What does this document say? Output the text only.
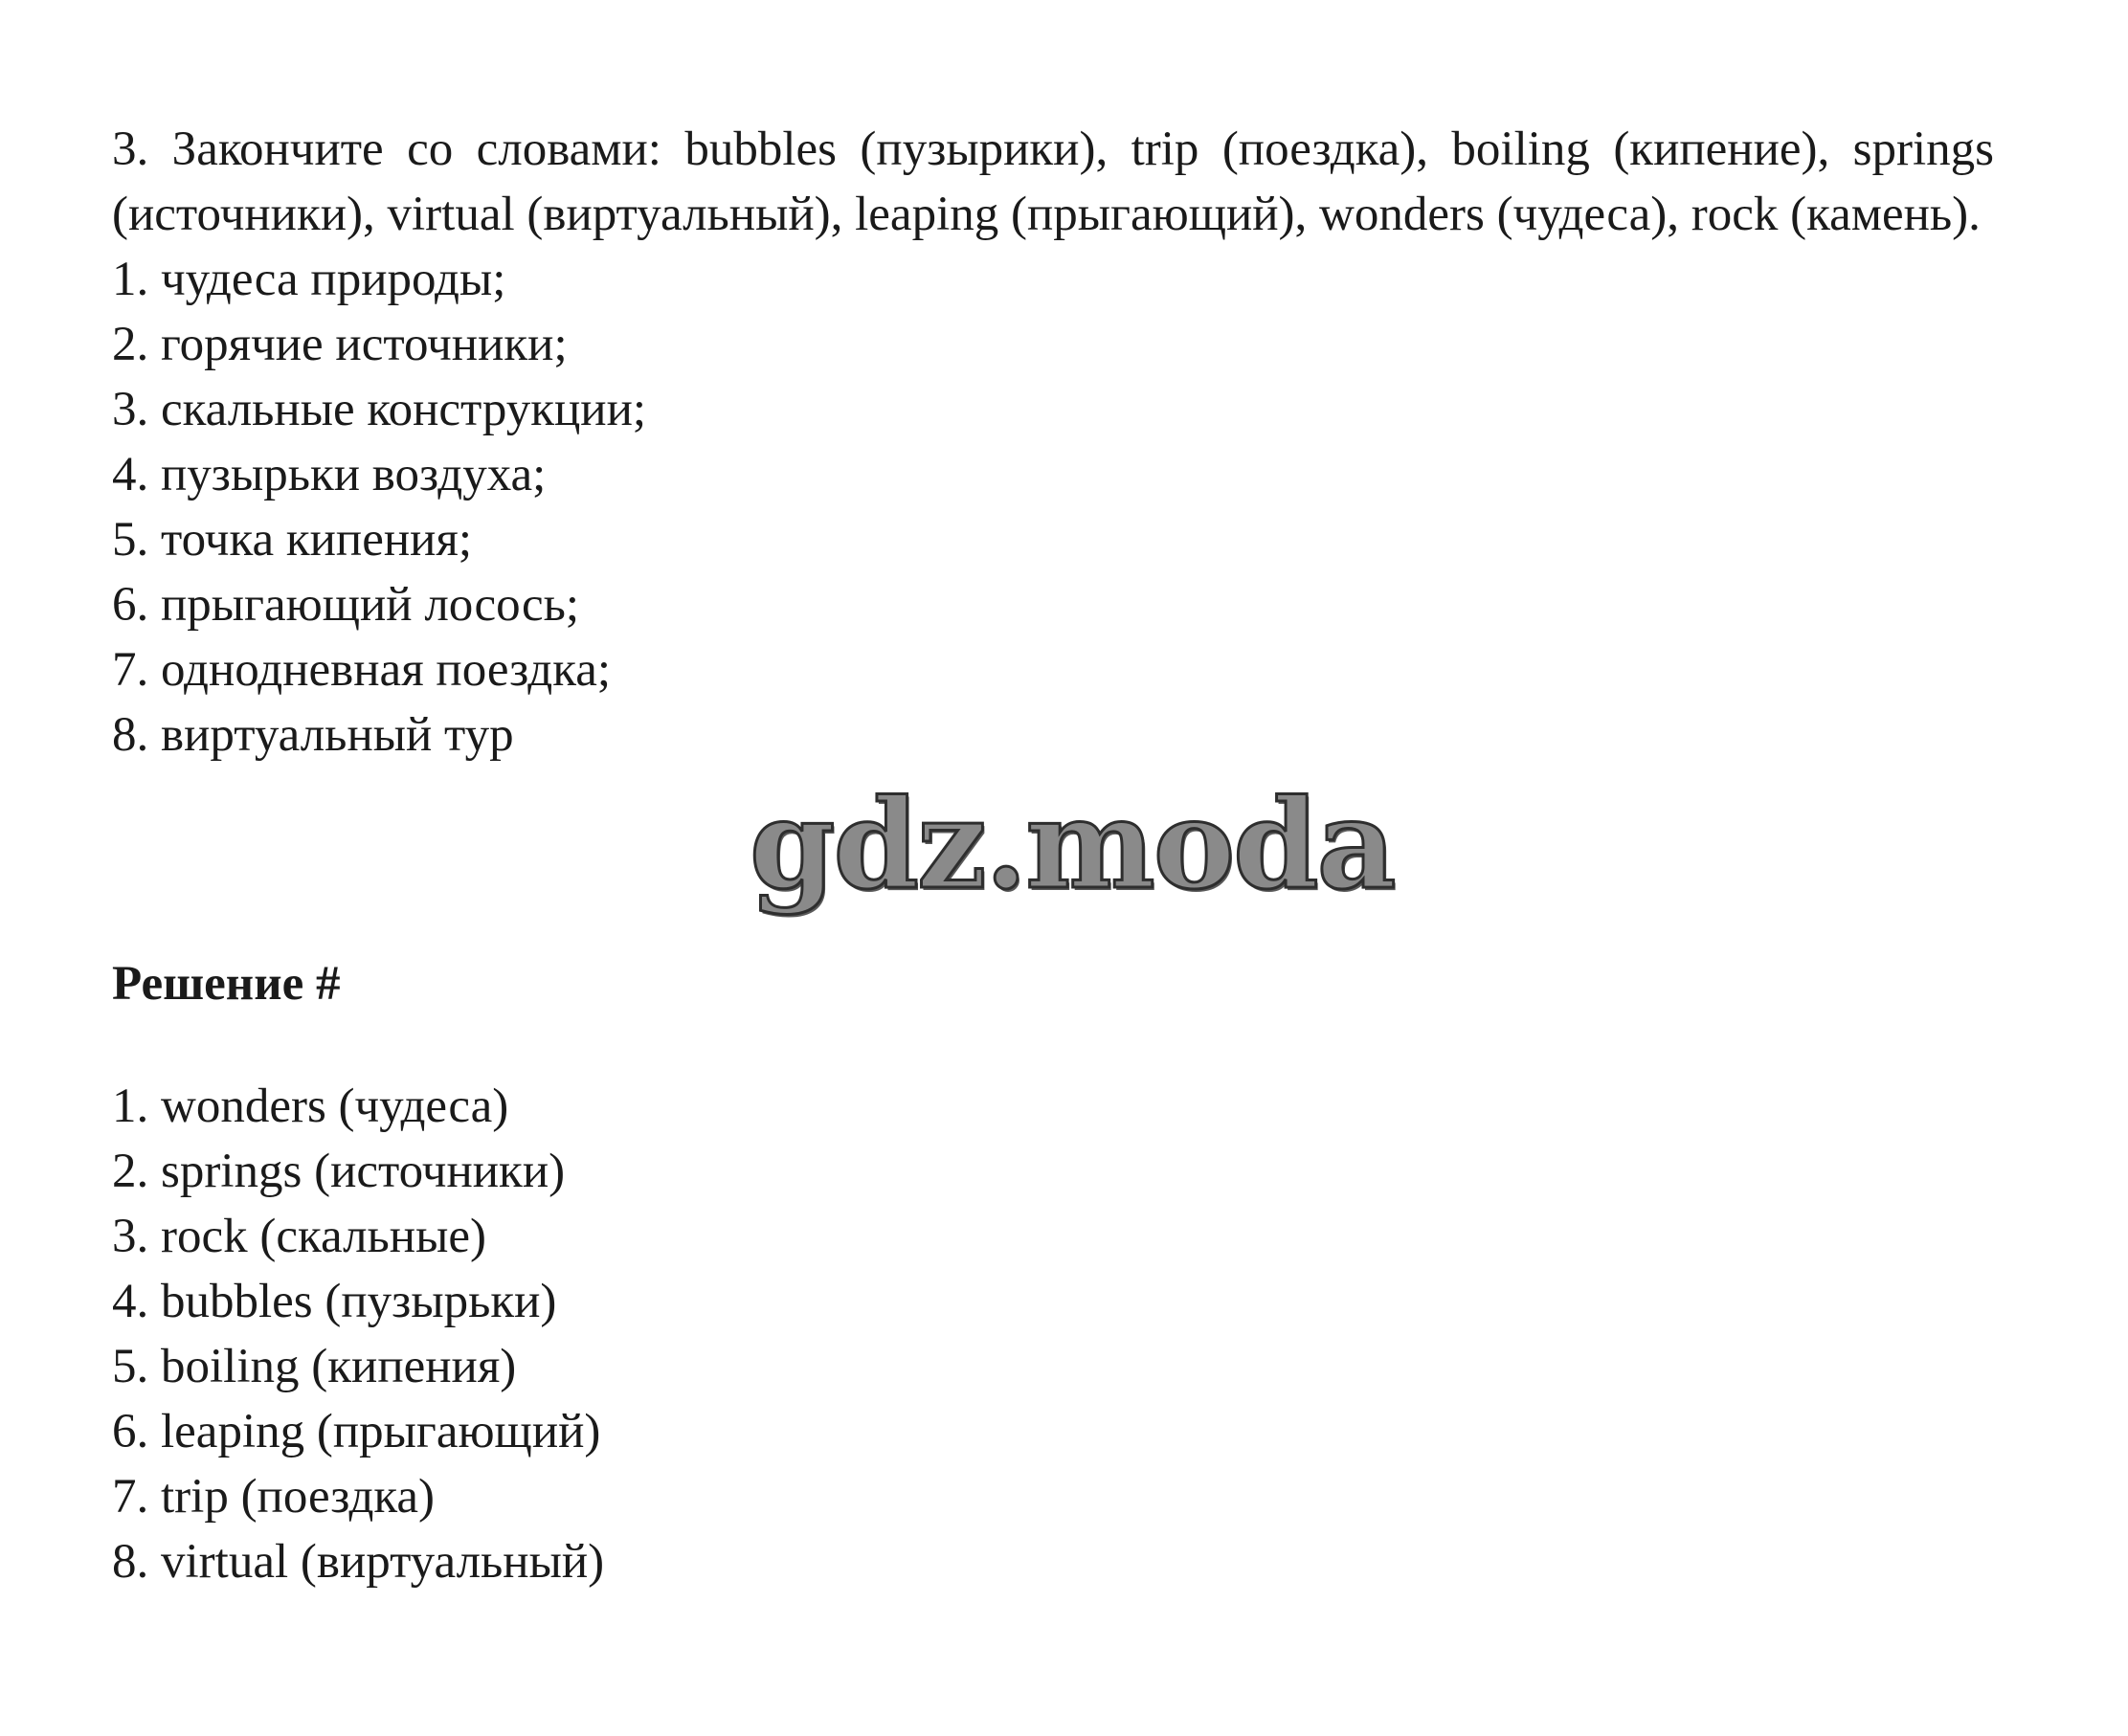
3. Закончите со словами: bubbles (пузырики), trip (поездка), boiling (кипение), springs (источники), virtual (виртуальный), leaping (прыгающий), wonders (чудеса), rock (камень).

1. чудеса природы;
2. горячие источники;
3. скальные конструкции;
4. пузырьки воздуха;
5. точка кипения;
6. прыгающий лосось;
7. однодневная поездка;
8. виртуальный тур

Решение #

1. wonders (чудеса)
2. springs (источники)
3. rock (скальные)
4. bubbles (пузырьки)
5. boiling (кипения)
6. leaping (прыгающий)
7. trip (поездка)
8. virtual (виртуальный)
gdz.moda
